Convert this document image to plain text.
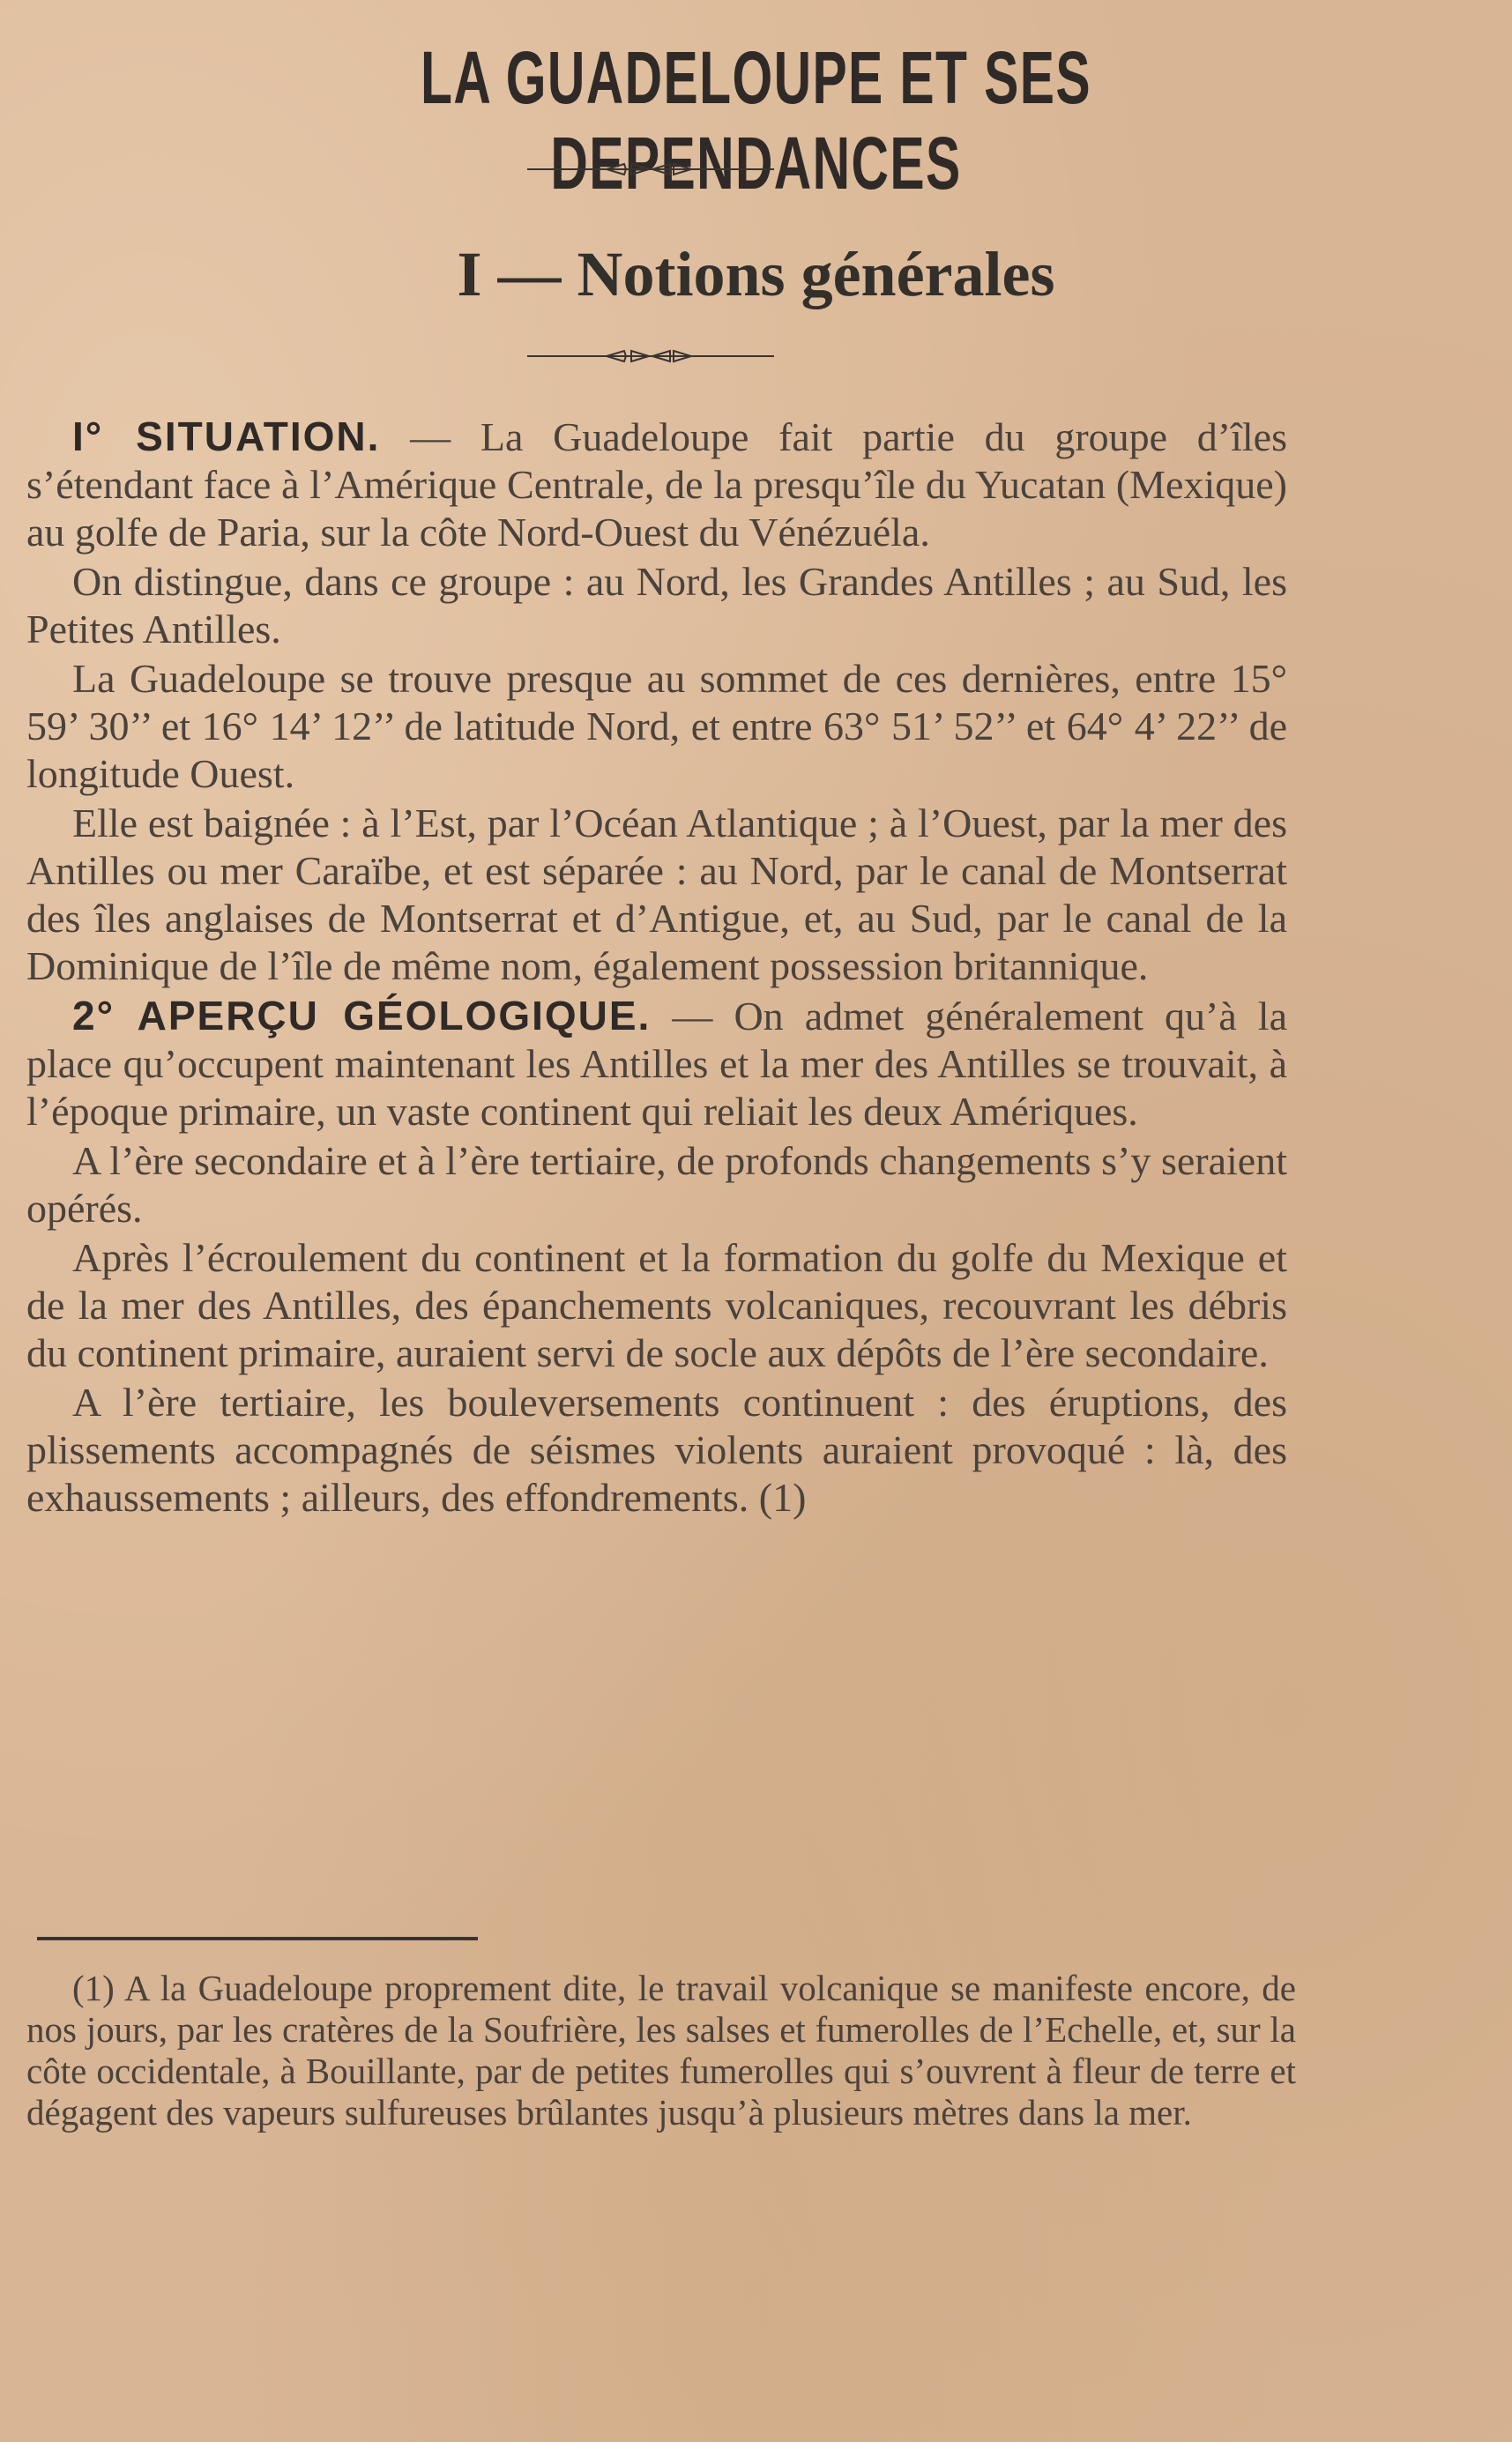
LA GUADELOUPE ET SES DEPENDANCES
I — Notions générales

I° SITUATION. — La Guadeloupe fait partie du groupe d’îles s’étendant face à l’Amérique Centrale, de la presqu’île du Yucatan (Mexique) au golfe de Paria, sur la côte Nord-Ouest du Vénézuéla.

On distingue, dans ce groupe : au Nord, les Grandes Antilles ; au Sud, les Petites Antilles.

La Guadeloupe se trouve presque au sommet de ces dernières, entre 15° 59’ 30’’ et 16° 14’ 12’’ de latitude Nord, et entre 63° 51’ 52’’ et 64° 4’ 22’’ de longitude Ouest.

Elle est baignée : à l’Est, par l’Océan Atlantique ; à l’Ouest, par la mer des Antilles ou mer Caraïbe, et est séparée : au Nord, par le canal de Montserrat des îles anglaises de Montserrat et d’Antigue, et, au Sud, par le canal de la Dominique de l’île de même nom, également possession britannique.

2° APERÇU GÉOLOGIQUE. — On admet généralement qu’à la place qu’occupent maintenant les Antilles et la mer des Antilles se trouvait, à l’époque primaire, un vaste continent qui reliait les deux Amériques.

A l’ère secondaire et à l’ère tertiaire, de profonds changements s’y seraient opérés.

Après l’écroulement du continent et la formation du golfe du Mexique et de la mer des Antilles, des épanchements volcaniques, recouvrant les débris du continent primaire, auraient servi de socle aux dépôts de l’ère secondaire.

A l’ère tertiaire, les bouleversements continuent : des éruptions, des plissements accompagnés de séismes violents auraient provoqué : là, des exhaussements ; ailleurs, des effondrements. (1)

(1) A la Guadeloupe proprement dite, le travail volcanique se manifeste encore, de nos jours, par les cratères de la Soufrière, les salses et fumerolles de l’Echelle, et, sur la côte occidentale, à Bouillante, par de petites fumerolles qui s’ouvrent à fleur de terre et dégagent des vapeurs sulfureuses brûlantes jusqu’à plusieurs mètres dans la mer.
